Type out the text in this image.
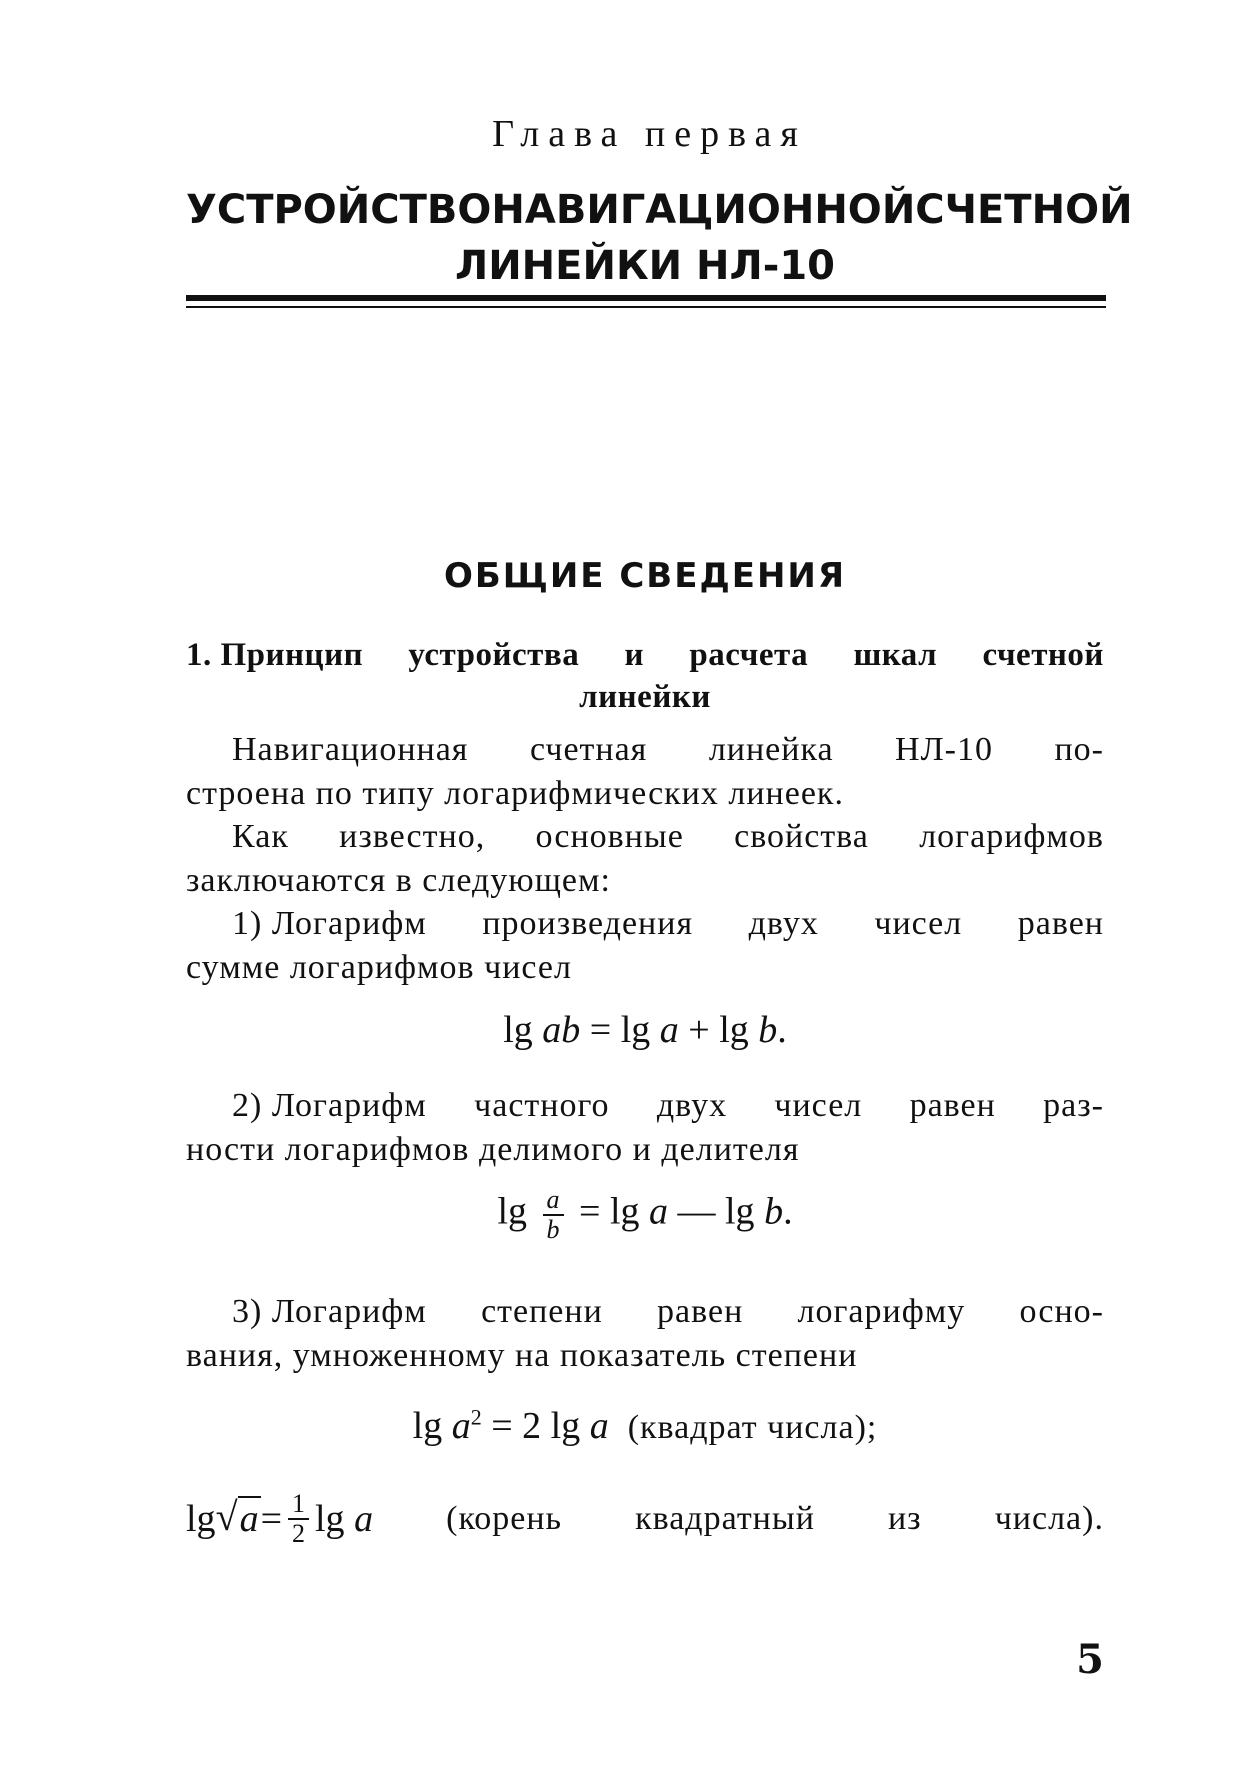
Глава первая
УСТРОЙСТВО НАВИГАЦИОННОЙ СЧЕТНОЙ
ЛИНЕЙКИ НЛ-10
ОБЩИЕ СВЕДЕНИЯ
1. Принцип устройства и расчета шкал счетной
линейки
Навигационная счетная линейка НЛ-10 по-
строена по типу логарифмических линеек.
Как известно, основные свойства логарифмов
заключаются в следующем:
1) Логарифм произведения двух чисел равен
сумме логарифмов чисел
lg ab = lg a + lg b.
2) Логарифм частного двух чисел равен раз-
ности логарифмов делимого и делителя
$\lg \frac{a}{b} = \lg a$ — lg b.
3) Логарифм степени равен логарифму осно-
вания, умноженному на показатель степени
$\lg a^2 = 2$ lg a (квадрат числа);
lg
√ $a = \frac{1}{2}$ lg
a (корень квадратный из числа).
5
